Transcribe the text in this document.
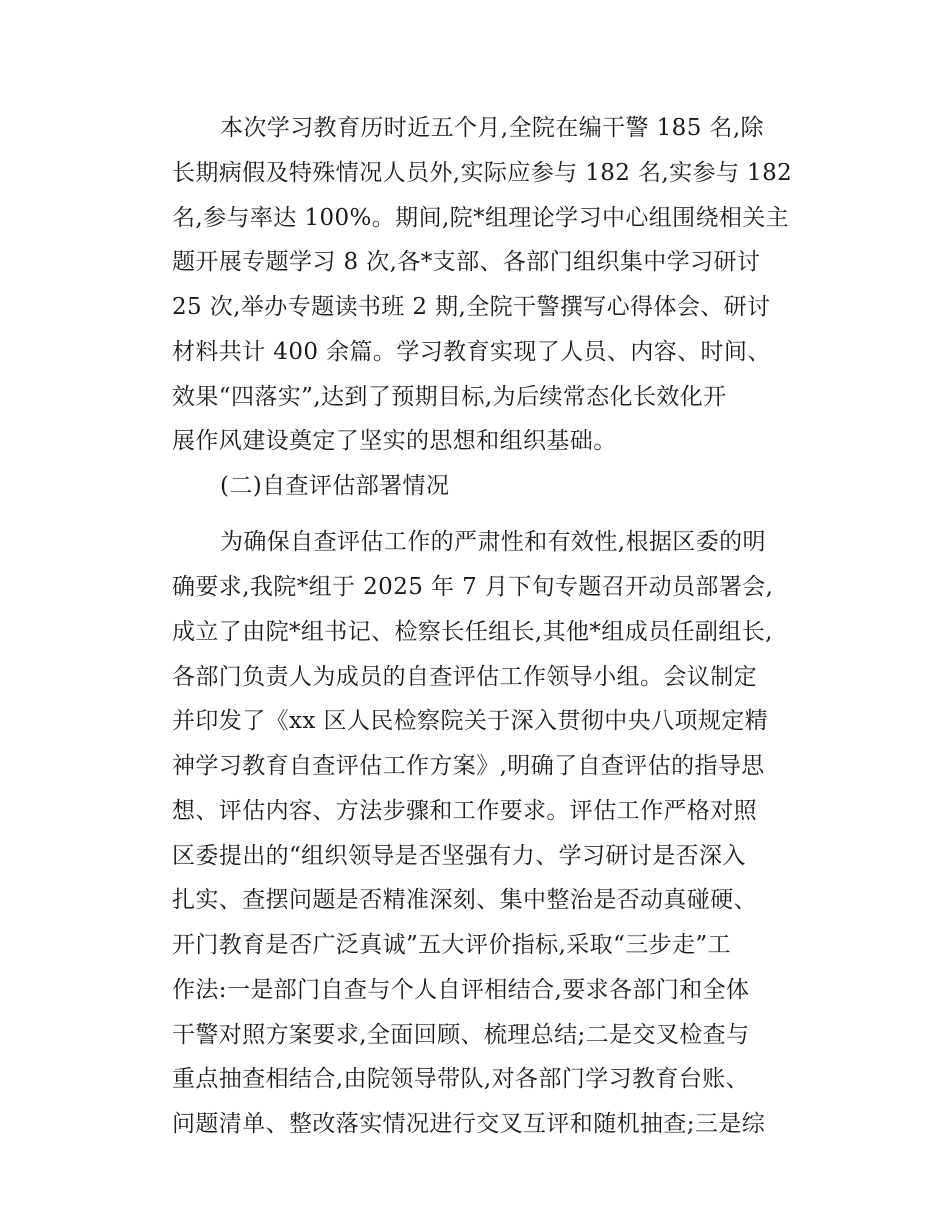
本次学习教育历时近五个月,全院在编干警 185 名,除
长期病假及特殊情况人员外,实际应参与 182 名,实参与 182
名,参与率达 100%。期间,院*组理论学习中心组围绕相关主
题开展专题学习 8 次,各*支部、各部门组织集中学习研讨
25 次,举办专题读书班 2 期,全院干警撰写心得体会、研讨
材料共计 400 余篇。学习教育实现了人员、内容、时间、
效果“四落实”,达到了预期目标,为后续常态化长效化开
展作风建设奠定了坚实的思想和组织基础。
(二)自查评估部署情况
为确保自查评估工作的严肃性和有效性,根据区委的明
确要求,我院*组于 2025 年 7 月下旬专题召开动员部署会,
成立了由院*组书记、检察长任组长,其他*组成员任副组长,
各部门负责人为成员的自查评估工作领导小组。会议制定
并印发了《xx 区人民检察院关于深入贯彻中央八项规定精
神学习教育自查评估工作方案》,明确了自查评估的指导思
想、评估内容、方法步骤和工作要求。评估工作严格对照
区委提出的“组织领导是否坚强有力、学习研讨是否深入
扎实、查摆问题是否精准深刻、集中整治是否动真碰硬、
开门教育是否广泛真诚”五大评价指标,采取“三步走”工
作法:一是部门自查与个人自评相结合,要求各部门和全体
干警对照方案要求,全面回顾、梳理总结;二是交叉检查与
重点抽查相结合,由院领导带队,对各部门学习教育台账、
问题清单、整改落实情况进行交叉互评和随机抽查;三是综
